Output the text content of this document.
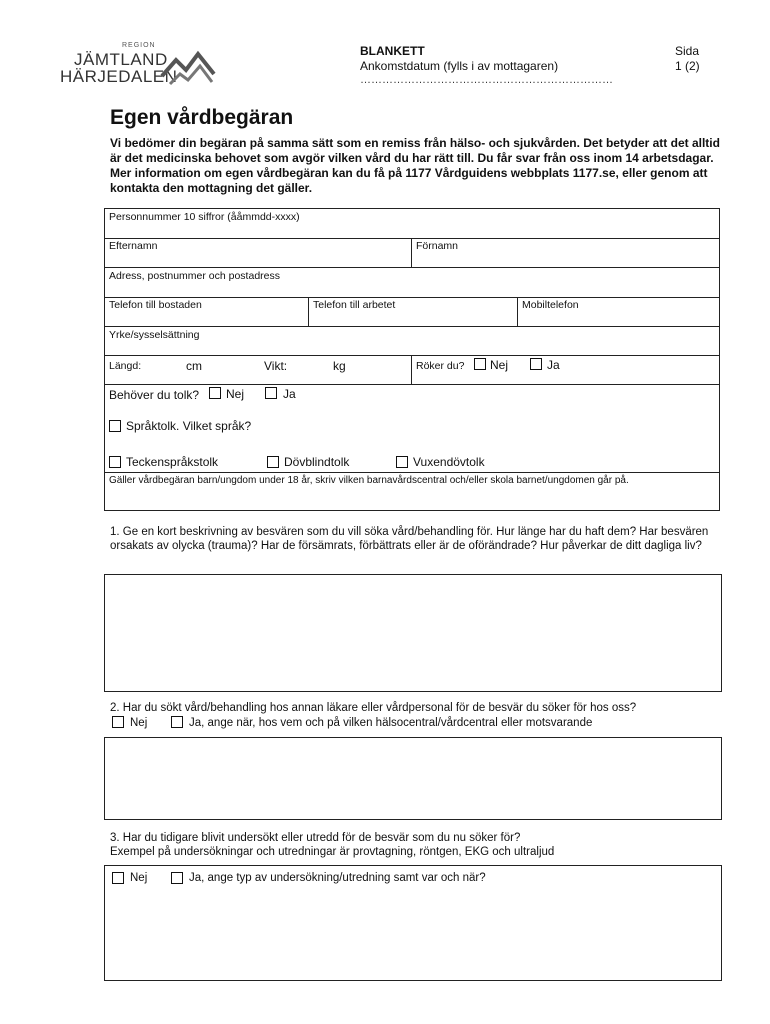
REGION
JÄMTLAND
HÄRJEDALEN
BLANKETT
Ankomstdatum (fylls i av mottagaren)
……………………………………………………………
Sida
1 (2)
Egen vårdbegäran
Vi bedömer din begäran på samma sätt som en remiss från hälso- och sjukvården. Det betyder att det alltid är det medicinska behovet som avgör vilken vård du har rätt till. Du får svar från oss inom 14 arbetsdagar. Mer information om egen vårdbegäran kan du få på 1177 Vårdguidens webbplats 1177.se, eller genom att kontakta den mottagning det gäller.
Personnummer 10 siffror (ååmmdd-xxxx)
Efternamn	Förnamn
Adress, postnummer och postadress
Telefon till bostaden	Telefon till arbetet	Mobiltelefon
Yrke/sysselsättning
Längd:	cm	Vikt:	kg	Röker du? Nej	Ja
Behöver du tolk? Nej	Ja
Språktolk. Vilket språk?
Teckenspråkstolk	Dövblindtolk	Vuxendövtolk
Gäller vårdbegäran barn/ungdom under 18 år, skriv vilken barnavårdscentral och/eller skola barnet/ungdomen går på.
1. Ge en kort beskrivning av besvären som du vill söka vård/behandling för. Hur länge har du haft dem? Har besvären orsakats av olycka (trauma)? Har de försämrats, förbättrats eller är de oförändrade? Hur påverkar de ditt dagliga liv?
2. Har du sökt vård/behandling hos annan läkare eller vårdpersonal för de besvär du söker för hos oss?
Nej	Ja, ange när, hos vem och på vilken hälsocentral/vårdcentral eller motsvarande
3. Har du tidigare blivit undersökt eller utredd för de besvär som du nu söker för?
Exempel på undersökningar och utredningar är provtagning, röntgen, EKG och ultraljud
Nej	Ja, ange typ av undersökning/utredning samt var och när?
